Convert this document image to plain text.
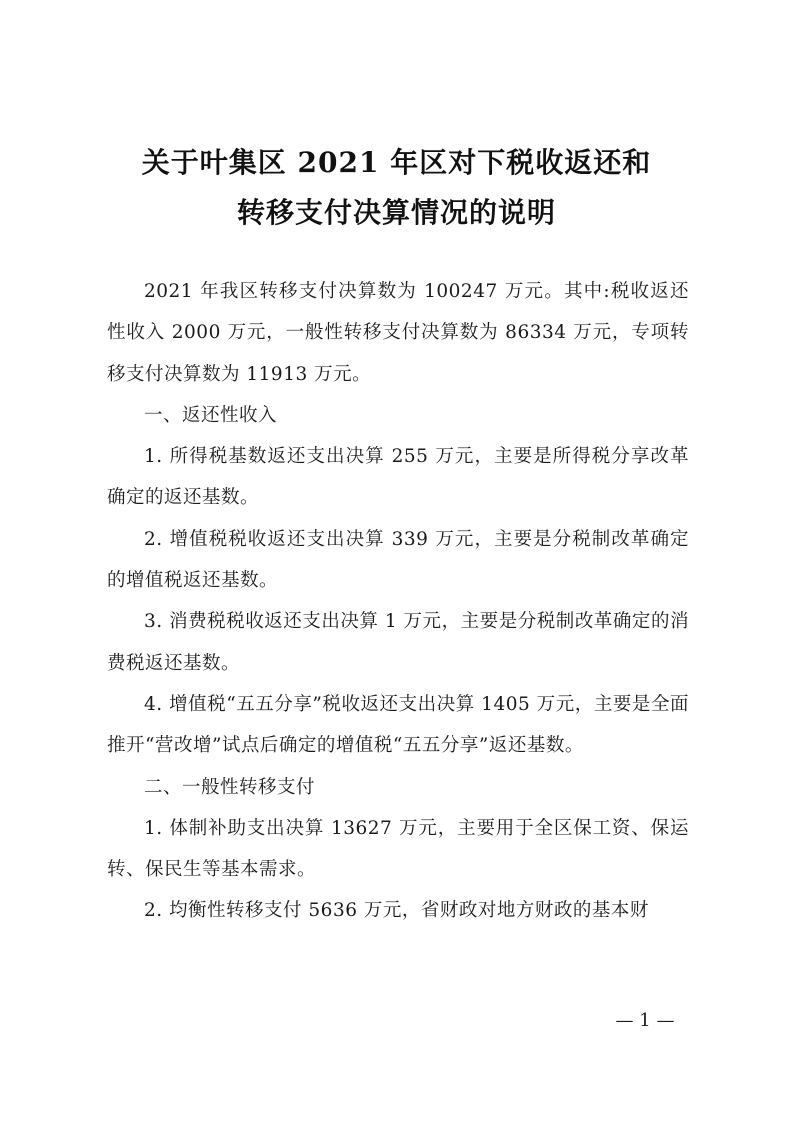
关于叶集区 2021 年区对下税收返还和
转移支付决算情况的说明

2021 年我区转移支付决算数为 100247 万元。其中:税收返还性收入 2000 万元，一般性转移支付决算数为 86334 万元，专项转移支付决算数为 11913 万元。

一、返还性收入

1. 所得税基数返还支出决算 255 万元，主要是所得税分享改革确定的返还基数。

2. 增值税税收返还支出决算 339 万元，主要是分税制改革确定的增值税返还基数。

3. 消费税税收返还支出决算 1 万元，主要是分税制改革确定的消费税返还基数。

4. 增值税“五五分享”税收返还支出决算 1405 万元，主要是全面推开“营改增”试点后确定的增值税“五五分享”返还基数。

二、一般性转移支付

1. 体制补助支出决算 13627 万元，主要用于全区保工资、保运转、保民生等基本需求。

2. 均衡性转移支付 5636 万元，省财政对地方财政的基本财

— 1 —
